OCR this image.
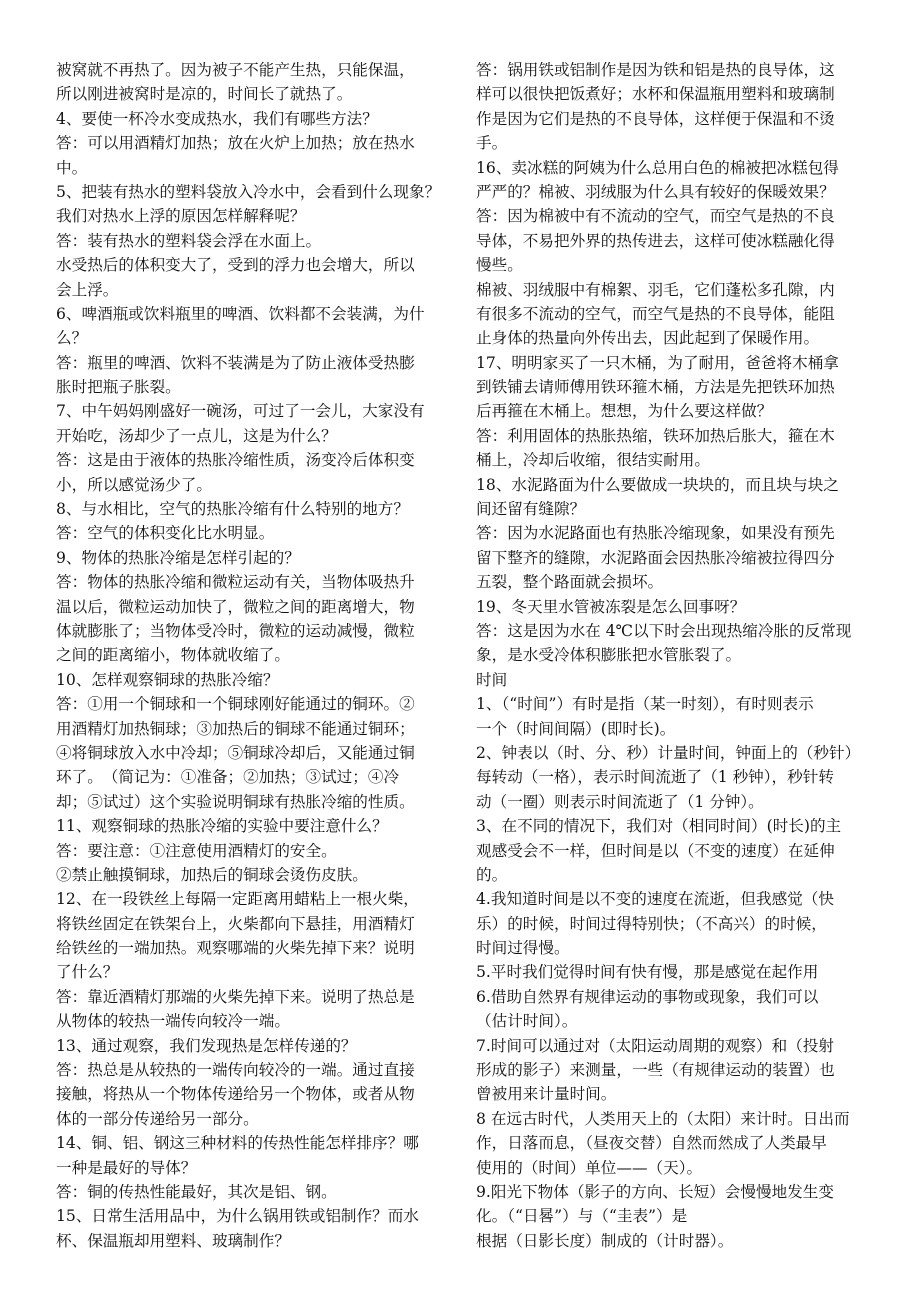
被窝就不再热了。因为被子不能产生热，只能保温，
所以刚进被窝时是凉的，时间长了就热了。
4、要使一杯冷水变成热水，我们有哪些方法？
答：可以用酒精灯加热；放在火炉上加热；放在热水
中。
5、把装有热水的塑料袋放入冷水中，会看到什么现象？
我们对热水上浮的原因怎样解释呢？
答：装有热水的塑料袋会浮在水面上。
水受热后的体积变大了，受到的浮力也会增大，所以
会上浮。
6、啤酒瓶或饮料瓶里的啤酒、饮料都不会装满，为什
么？
答：瓶里的啤酒、饮料不装满是为了防止液体受热膨
胀时把瓶子胀裂。
7、中午妈妈刚盛好一碗汤，可过了一会儿，大家没有
开始吃，汤却少了一点儿，这是为什么？
答：这是由于液体的热胀冷缩性质，汤变冷后体积变
小，所以感觉汤少了。
8、与水相比，空气的热胀冷缩有什么特别的地方？
答：空气的体积变化比水明显。
9、物体的热胀冷缩是怎样引起的？
答：物体的热胀冷缩和微粒运动有关，当物体吸热升
温以后，微粒运动加快了，微粒之间的距离增大，物
体就膨胀了；当物体受冷时，微粒的运动减慢，微粒
之间的距离缩小，物体就收缩了。
10、怎样观察铜球的热胀冷缩？
答：①用一个铜球和一个铜球刚好能通过的铜环。②
用酒精灯加热铜球；③加热后的铜球不能通过铜环；
④将铜球放入水中冷却；⑤铜球冷却后，又能通过铜
环了。　（简记为：①准备；②加热；③试过；④冷
却；⑤试过）这个实验说明铜球有热胀冷缩的性质。
11、观察铜球的热胀冷缩的实验中要注意什么？
答：要注意：①注意使用酒精灯的安全。
②禁止触摸铜球，加热后的铜球会烫伤皮肤。
12、在一段铁丝上每隔一定距离用蜡粘上一根火柴，
将铁丝固定在铁架台上，火柴都向下悬挂，用酒精灯
给铁丝的一端加热。观察哪端的火柴先掉下来？说明
了什么？
答：靠近酒精灯那端的火柴先掉下来。说明了热总是
从物体的较热一端传向较冷一端。
13、通过观察，我们发现热是怎样传递的？
答：热总是从较热的一端传向较冷的一端。通过直接
接触，将热从一个物体传递给另一个物体，或者从物
体的一部分传递给另一部分。
14、铜、铝、钢这三种材料的传热性能怎样排序？哪
一种是最好的导体？
答：铜的传热性能最好，其次是铝、钢。
15、日常生活用品中，为什么锅用铁或铝制作？而水
杯、保温瓶却用塑料、玻璃制作？
答：锅用铁或铝制作是因为铁和铝是热的良导体，这
样可以很快把饭煮好；水杯和保温瓶用塑料和玻璃制
作是因为它们是热的不良导体，这样便于保温和不烫
手。
16、卖冰糕的阿姨为什么总用白色的棉被把冰糕包得
严严的？棉被、羽绒服为什么具有较好的保暖效果？
答：因为棉被中有不流动的空气，而空气是热的不良
导体，不易把外界的热传进去，这样可使冰糕融化得
慢些。
棉被、羽绒服中有棉絮、羽毛，它们蓬松多孔隙，内
有很多不流动的空气，而空气是热的不良导体，能阻
止身体的热量向外传出去，因此起到了保暖作用。
17、明明家买了一只木桶，为了耐用，爸爸将木桶拿
到铁铺去请师傅用铁环箍木桶，方法是先把铁环加热
后再箍在木桶上。想想，为什么要这样做？
答：利用固体的热胀热缩，铁环加热后胀大，箍在木
桶上，冷却后收缩，很结实耐用。
18、水泥路面为什么要做成一块块的，而且块与块之
间还留有缝隙？
答：因为水泥路面也有热胀冷缩现象，如果没有预先
留下整齐的缝隙，水泥路面会因热胀冷缩被拉得四分
五裂，整个路面就会损坏。
19、冬天里水管被冻裂是怎么回事呀？
答：这是因为水在 4℃以下时会出现热缩冷胀的反常现
象，是水受冷体积膨胀把水管胀裂了。
时间
1、（“时间”）有时是指（某一时刻），有时则表示
一个（时间间隔）(即时长)。
2、钟表以（时、分、秒）计量时间，钟面上的（秒针）
每转动（一格），表示时间流逝了（1 秒钟），秒针转
动（一圈）则表示时间流逝了（1 分钟）。
3、在不同的情况下，我们对（相同时间）(时长)的主
观感受会不一样，但时间是以（不变的速度）在延伸
的。
4.我知道时间是以不变的速度在流逝，但我感觉（快
乐）的时候，时间过得特别快；（不高兴）的时候，
时间过得慢。
5.平时我们觉得时间有快有慢，那是感觉在起作用
6.借助自然界有规律运动的事物或现象，我们可以
（估计时间）。
7.时间可以通过对（太阳运动周期的观察）和（投射
形成的影子）来测量，一些（有规律运动的装置）也
曾被用来计量时间。
8 在远古时代，人类用天上的（太阳）来计时。日出而
作，日落而息，（昼夜交替）自然而然成了人类最早
使用的（时间）单位——（天）。
9.阳光下物体（影子的方向、长短）会慢慢地发生变
化。（“日晷”）与（“圭表”）是
根据（日影长度）制成的（计时器）。
